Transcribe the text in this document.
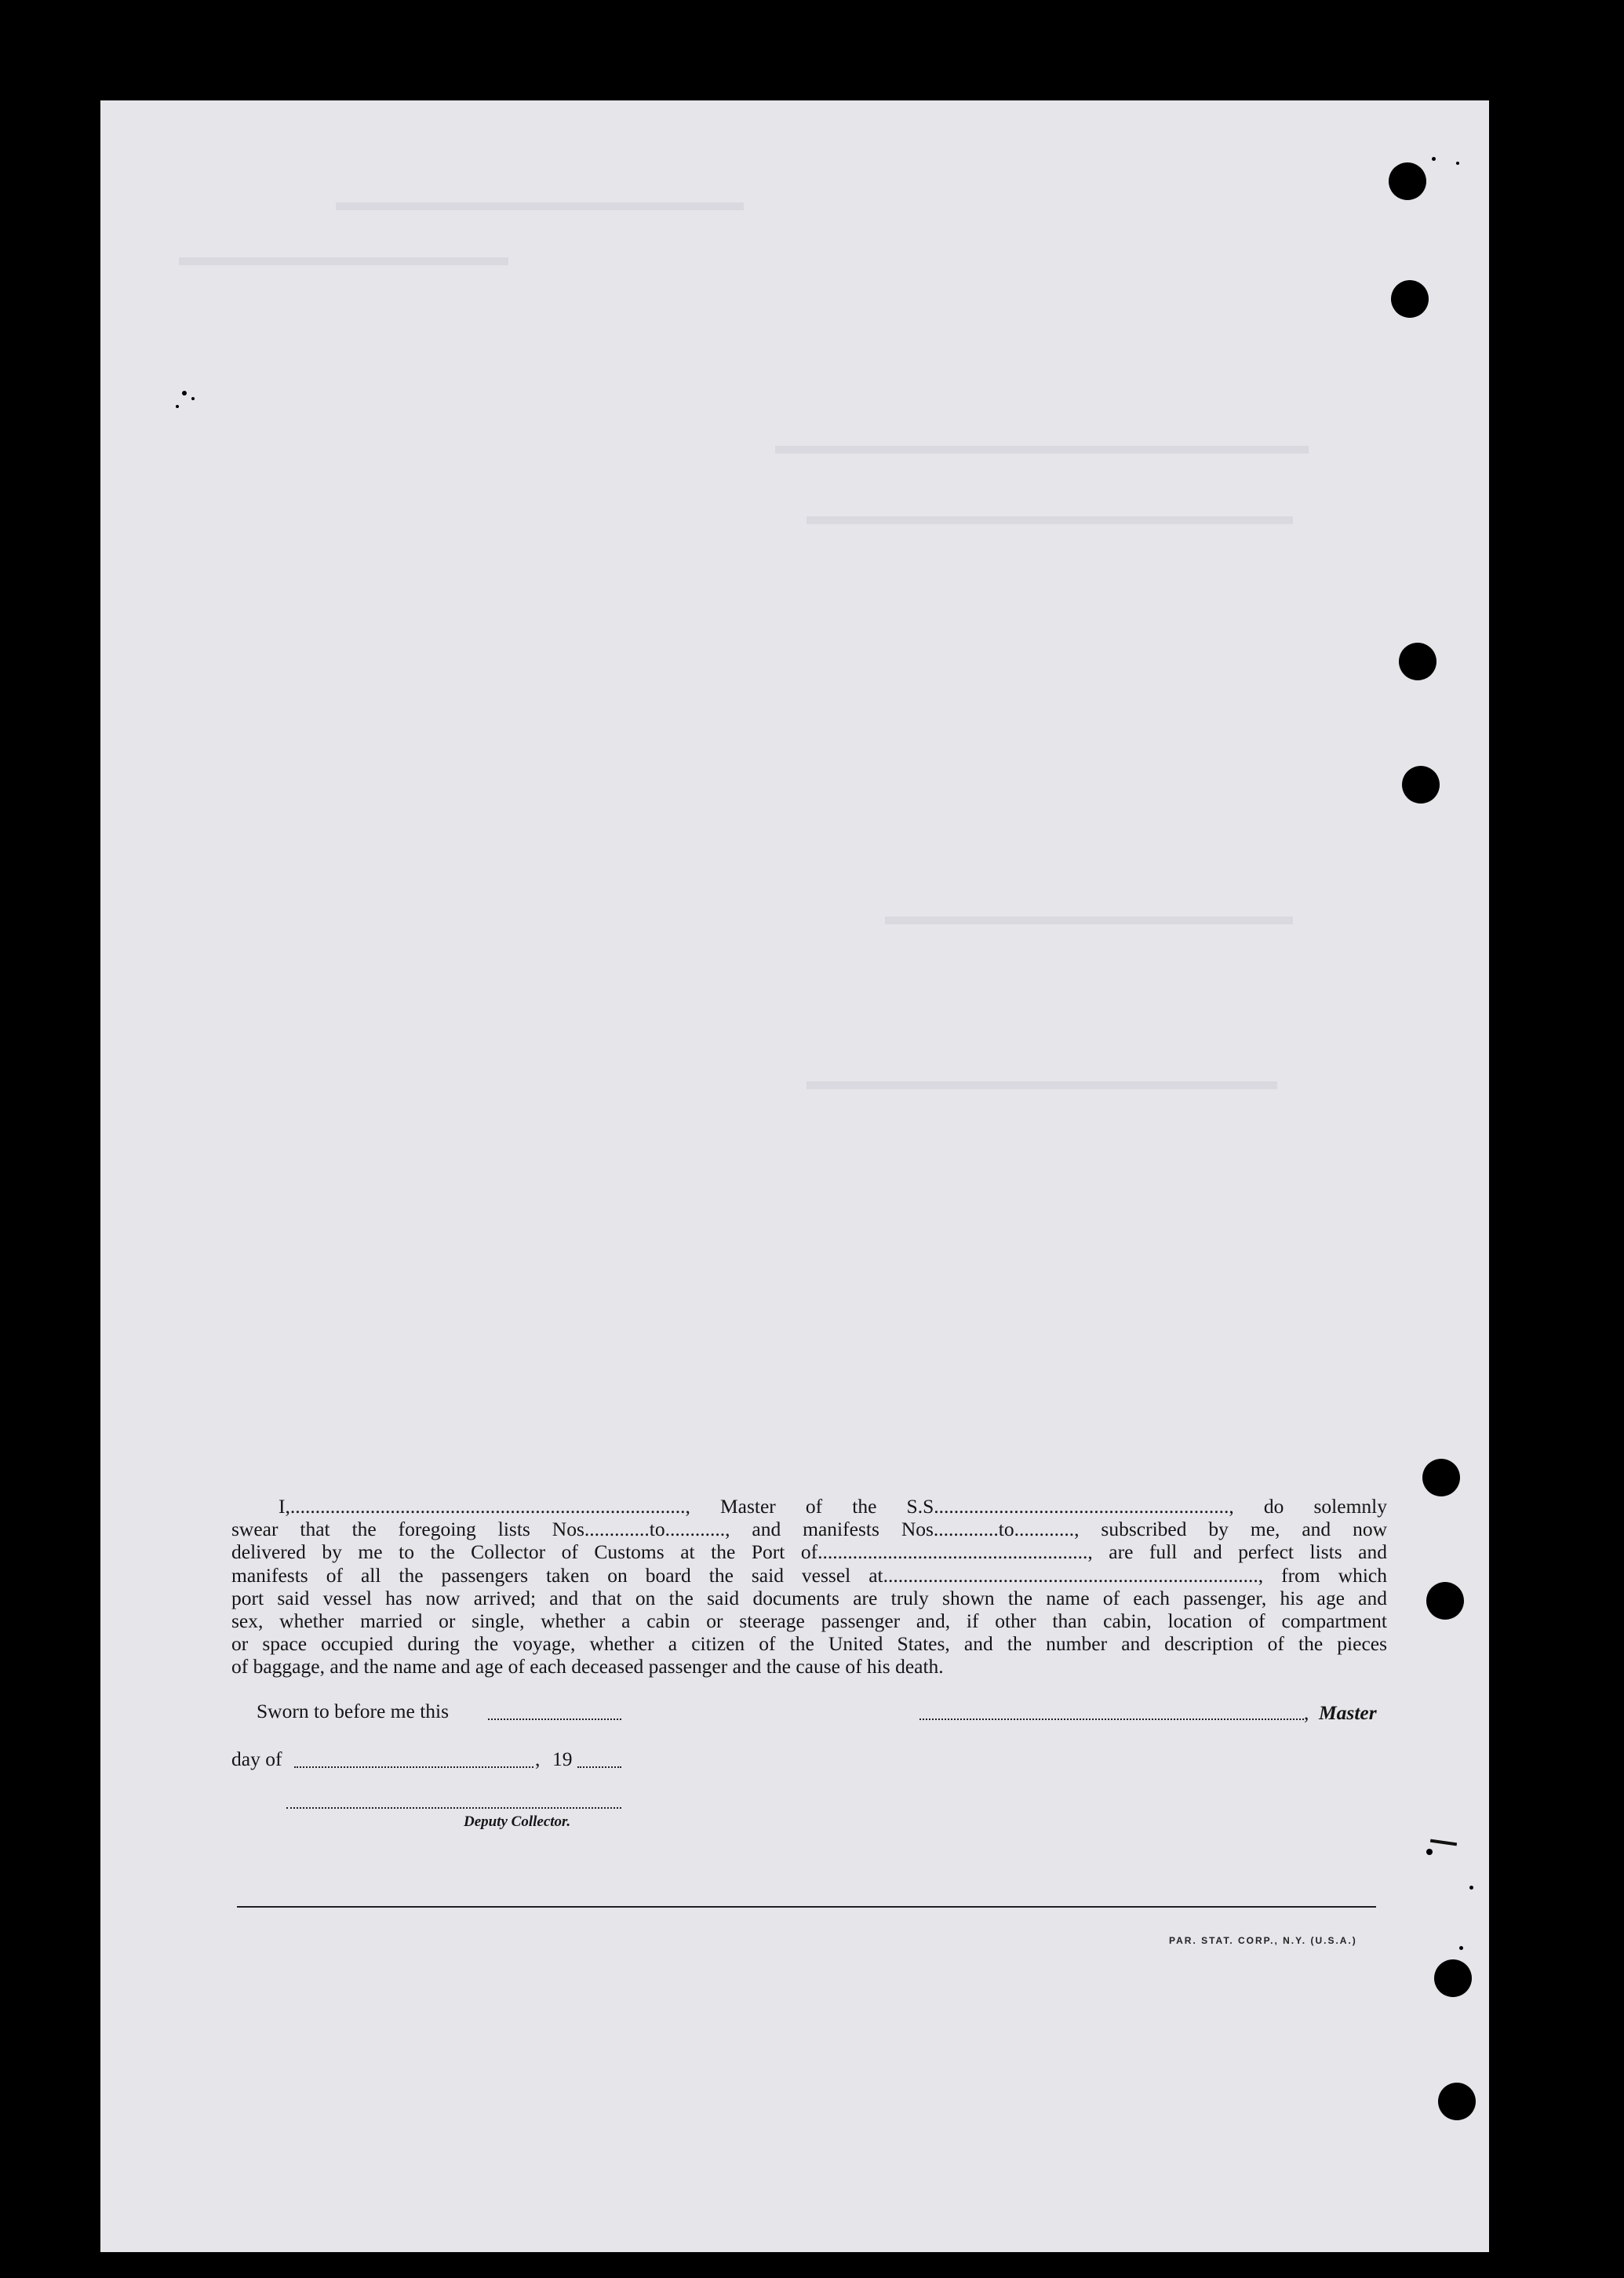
I,..............................................................................., Master of the S.S..........................................................., do solemnly
swear that the foregoing lists Nos.............to............, and manifests Nos.............to............, subscribed by me, and now
delivered by me to the Collector of Customs at the Port of......................................................, are full and perfect lists and
manifests of all the passengers taken on board the said vessel at..........................................................................., from which
port said vessel has now arrived; and that on the said documents are truly shown the name of each passenger, his age and
sex, whether married or single, whether a cabin or steerage passenger and, if other than cabin, location of compartment
or space occupied during the voyage, whether a citizen of the United States, and the number and description of the pieces
of baggage, and the name and age of each deceased passenger and the cause of his death.
Sworn to before me this	, Master
day of	, 19
Deputy Collector.
PAR. STAT. CORP., N.Y. (U.S.A.)
